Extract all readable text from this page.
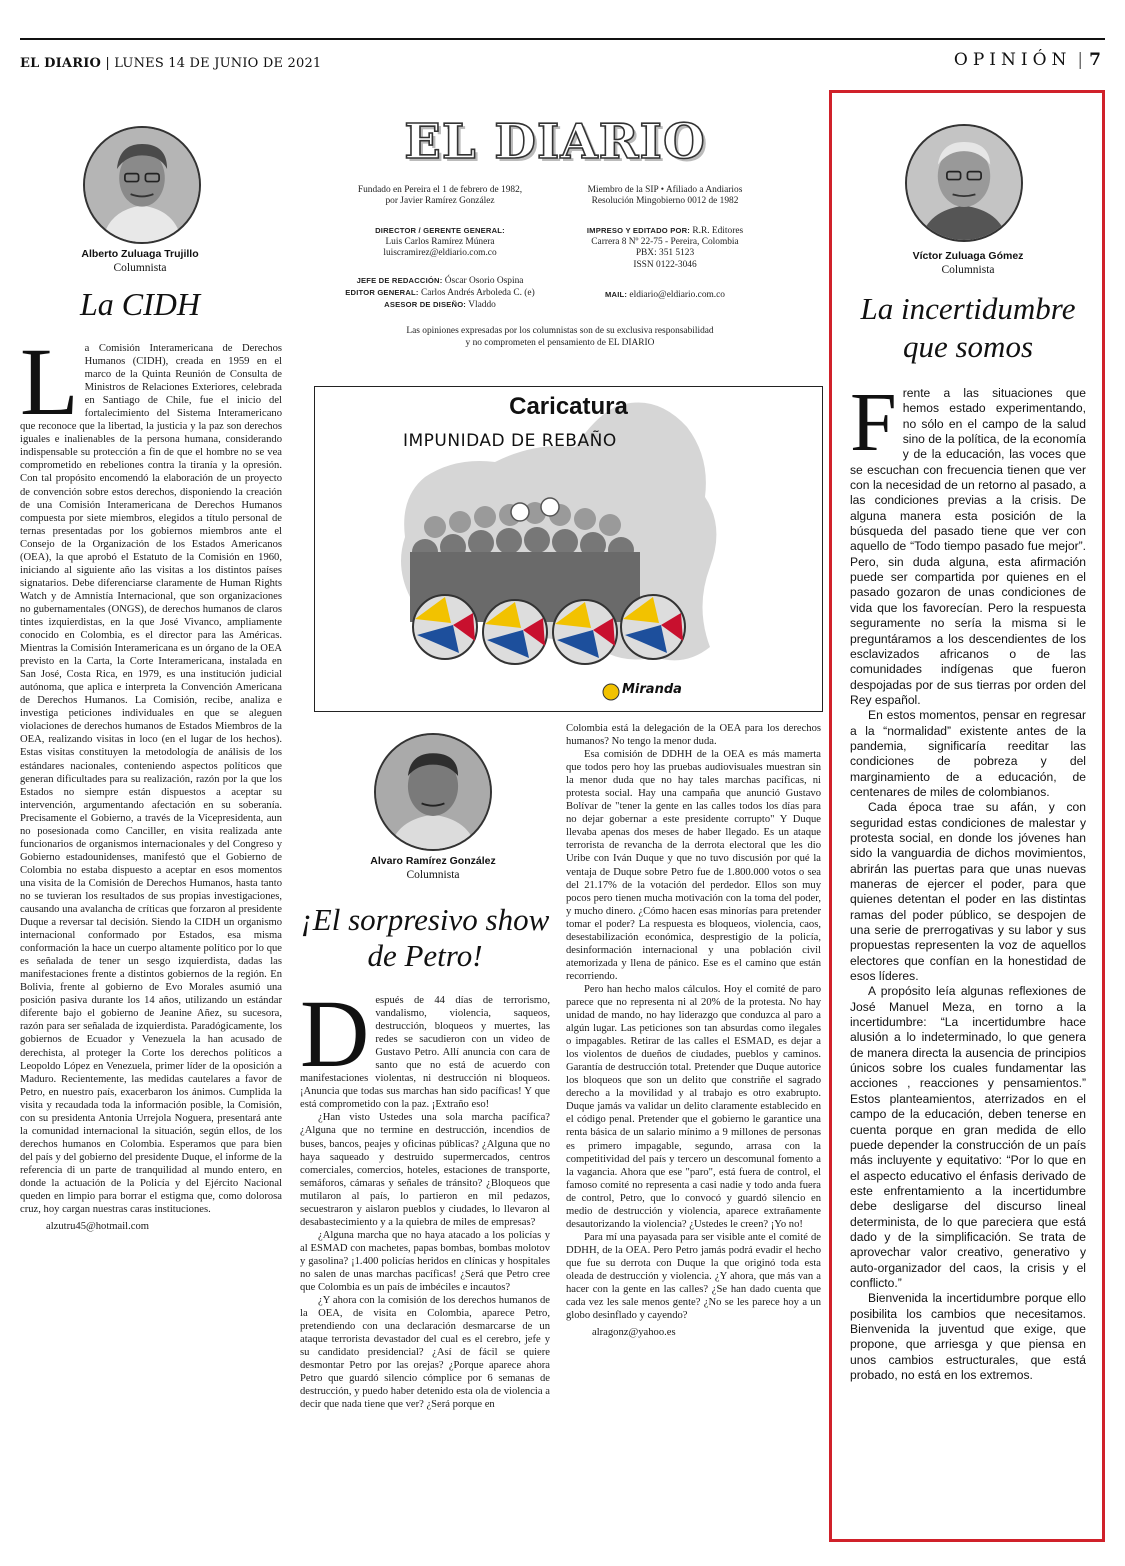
EL DIARIO | LUNES 14 DE JUNIO DE 2021	OPINIÓN | 7
Alberto Zuluaga Trujillo
Columnista
La CIDH
L a Comisión Interamericana de Derechos Humanos (CIDH), creada en 1959 en el marco de la Quinta Reunión de Consulta de Ministros de Relaciones Exteriores, celebrada en Santiago de Chile, fue el inicio del fortalecimiento del Sistema Interamericano que reconoce que la libertad, la justicia y la paz son derechos iguales e inalienables de la persona humana, considerando indispensable su protección a fin de que el hombre no se vea comprometido en rebeliones contra la tiranía y la opresión. Con tal propósito encomendó la elaboración de un proyecto de convención sobre estos derechos, disponiendo la creación de una Comisión Interamericana de Derechos Humanos compuesta por siete miembros, elegidos a título personal de ternas presentadas por los gobiernos miembros ante el Consejo de la Organización de los Estados Americanos (OEA), la que aprobó el Estatuto de la Comisión en 1960, iniciando al siguiente año las visitas a los distintos países signatarios. Debe diferenciarse claramente de Human Rights Watch y de Amnistía Internacional, que son organizaciones no gubernamentales (ONGS), de derechos humanos de claros tintes izquierdistas, en la que José Vivanco, ampliamente conocido en Colombia, es el director para las Américas. Mientras la Comisión Interamericana es un órgano de la OEA previsto en la Carta, la Corte Interamericana, instalada en San José, Costa Rica, en 1979, es una institución judicial autónoma, que aplica e interpreta la Convención Americana de Derechos Humanos. La Comisión, recibe, analiza e investiga peticiones individuales en que se aleguen violaciones de derechos humanos de Estados Miembros de la OEA, realizando visitas in loco (en el lugar de los hechos). Estas visitas constituyen la metodología de análisis de los estándares nacionales, conteniendo aspectos políticos que generan dificultades para su realización, razón por la que los Estados no siempre están dispuestos a aceptar su intervención, argumentando afectación en su soberanía. Precisamente el Gobierno, a través de la Vicepresidenta, aun no posesionada como Canciller, en visita realizada ante funcionarios de organismos internacionales y del Congreso y Gobierno estadounidenses, manifestó que el Gobierno de Colombia no estaba dispuesto a aceptar en esos momentos una visita de la Comisión de Derechos Humanos, hasta tanto no se tuvieran los resultados de sus propias investigaciones, causando una avalancha de críticas que forzaron al presidente Duque a reversar tal decisión. Siendo la CIDH un organismo internacional conformado por Estados, esa misma conformación la hace un cuerpo altamente político por lo que es señalada de tener un sesgo izquierdista, dadas las manifestaciones frente a distintos gobiernos de la región. En Bolivia, frente al gobierno de Evo Morales asumió una posición pasiva durante los 14 años, utilizando un estándar diferente bajo el gobierno de Jeanine Añez, su sucesora, razón para ser señalada de izquierdista. Paradógicamente, los gobiernos de Ecuador y Venezuela la han acusado de derechista, al proteger la Corte los derechos políticos a Leopoldo López en Venezuela, primer líder de la oposición a Maduro. Recientemente, las medidas cautelares a favor de Petro, en nuestro país, exacerbaron los ánimos. Cumplida la visita y recaudada toda la información posible, la Comisión, con su presidenta Antonia Urrejola Noguera, presentará ante la comunidad internacional la situación, según ellos, de los derechos humanos en Colombia. Esperamos que para bien del país y del gobierno del presidente Duque, el informe de la referencia di un parte de tranquilidad al mundo entero, en donde la actuación de la Policía y del Ejército Nacional queden en limpio para borrar el estigma que, como dolorosa cruz, hoy cargan nuestras caras instituciones.

alzutru45@hotmail.com

EL DIARIO
Fundado en Pereira el 1 de febrero de 1982,
por Javier Ramírez González
DIRECTOR / GERENTE GENERAL:
Luis Carlos Ramírez Múnera
luiscramirez@eldiario.com.co
JEFE DE REDACCIÓN: Óscar Osorio Ospina
EDITOR GENERAL: Carlos Andrés Arboleda C. (e)
ASESOR DE DISEÑO: Vladdo
Miembro de la SIP • Afiliado a Andiarios
Resolución Mingobierno 0012 de 1982
IMPRESO Y EDITADO POR: R.R. Editores
Carrera 8 Nº 22-75 - Pereira, Colombia
PBX: 351 5123
ISSN 0122-3046
MAIL: eldiario@eldiario.com.co
Las opiniones expresadas por los columnistas son de su exclusiva responsabilidad
y no comprometen el pensamiento de EL DIARIO
Caricatura
IMPUNIDAD DE REBAÑO
Miranda
Alvaro Ramírez González
Columnista
¡El sorpresivo show
de Petro!
D espués de 44 días de terrorismo, vandalismo, violencia, saqueos, destrucción, bloqueos y muertes, las redes se sacudieron con un video de Gustavo Petro. Allí anuncia con cara de santo que no está de acuerdo con manifestaciones violentas, ni destrucción ni bloqueos. ¡Anuncia que todas sus marchas han sido pacíficas! Y que está comprometido con la paz. ¡Extraño eso!

¿Han visto Ustedes una sola marcha pacífica? ¿Alguna que no termine en destrucción, incendios de buses, bancos, peajes y oficinas públicas? ¿Alguna que no haya saqueado y destruido supermercados, centros comerciales, comercios, hoteles, estaciones de transporte, semáforos, cámaras y señales de tránsito? ¿Bloqueos que mutilaron al país, lo partieron en mil pedazos, secuestraron y aislaron pueblos y ciudades, lo llevaron al desabastecimiento y a la quiebra de miles de empresas?

¿Alguna marcha que no haya atacado a los policías y al ESMAD con machetes, papas bombas, bombas molotov y gasolina? ¡1.400 policías heridos en clínicas y hospitales no salen de unas marchas pacíficas! ¿Será que Petro cree que Colombia es un país de imbéciles e incautos?

¿Y ahora con la comisión de los derechos humanos de la OEA, de visita en Colombia, aparece Petro, pretendiendo con una declaración desmarcarse de un ataque terrorista devastador del cual es el cerebro, jefe y su candidato presidencial? ¿Así de fácil se quiere desmontar Petro por las orejas? ¿Porque aparece ahora Petro que guardó silencio cómplice por 6 semanas de destrucción, y puedo haber detenido esta ola de violencia a decir que nada tiene que ver? ¿Será porque en

Colombia está la delegación de la OEA para los derechos humanos? No tengo la menor duda.

Esa comisión de DDHH de la OEA es más mamerta que todos pero hoy las pruebas audiovisuales muestran sin la menor duda que no hay tales marchas pacíficas, ni protesta social. Hay una campaña que anunció Gustavo Bolívar de "tener la gente en las calles todos los días para no dejar gobernar a este presidente corrupto" Y Duque llevaba apenas dos meses de haber llegado. Es un ataque terrorista de revancha de la derrota electoral que les dio Uribe con Iván Duque y que no tuvo discusión por qué la ventaja de Duque sobre Petro fue de 1.800.000 votos o sea del 21.17% de la votación del perdedor. Ellos son muy pocos pero tienen mucha motivación con la toma del poder, y mucho dinero. ¿Cómo hacen esas minorías para pretender tomar el poder? La respuesta es bloqueos, violencia, caos, desestabilización económica, desprestigio de la policía, desinformación internacional y una población civil atemorizada y llena de pánico. Ese es el camino que están recorriendo.

Pero han hecho malos cálculos. Hoy el comité de paro parece que no representa ni al 20% de la protesta. No hay unidad de mando, no hay liderazgo que conduzca al paro a algún lugar. Las peticiones son tan absurdas como ilegales o impagables. Retirar de las calles el ESMAD, es dejar a los violentos de dueños de ciudades, pueblos y caminos. Garantía de destrucción total. Pretender que Duque autorice los bloqueos que son un delito que constriñe el sagrado derecho a la movilidad y al trabajo es otro exabrupto. Duque jamás va validar un delito claramente establecido en el código penal. Pretender que el gobierno le garantice una renta básica de un salario mínimo a 9 millones de personas es primero impagable, segundo, arrasa con la competitividad del país y tercero un descomunal fomento a la vagancia. Ahora que ese "paro", está fuera de control, el famoso comité no representa a casi nadie y todo anda fuera de control, Petro, que lo convocó y guardó silencio en medio de destrucción y violencia, aparece extrañamente desautorizando la violencia? ¿Ustedes le creen? ¡Yo no!

Para mí una payasada para ser visible ante el comité de DDHH, de la OEA. Pero Petro jamás podrá evadir el hecho que fue su derrota con Duque la que originó toda esta oleada de destrucción y violencia. ¿Y ahora, que más van a hacer con la gente en las calles? ¿Se han dado cuenta que cada vez les sale menos gente? ¿No se les parece hoy a un globo desinflado y cayendo?

alragonz@yahoo.es

Víctor Zuluaga Gómez
Columnista
La incertidumbre
que somos
F rente a las situaciones que hemos estado experimentando, no sólo en el campo de la salud sino de la política, de la economía y de la educación, las voces que se escuchan con frecuencia tienen que ver con la necesidad de un retorno al pasado, a las condiciones previas a la crisis. De alguna manera esta posición de la búsqueda del pasado tiene que ver con aquello de “Todo tiempo pasado fue mejor”. Pero, sin duda alguna, esta afirmación puede ser compartida por quienes en el pasado gozaron de unas condiciones de vida que los favorecían. Pero la respuesta seguramente no sería la misma si le preguntáramos a los descendientes de los esclavizados africanos o de las comunidades indígenas que fueron despojadas por de sus tierras por orden del Rey español.

En estos momentos, pensar en regresar a la “normalidad” existente antes de la pandemia, significaría reeditar las condiciones de pobreza y del marginamiento de a educación, de centenares de miles de colombianos.

Cada época trae su afán, y con seguridad estas condiciones de malestar y protesta social, en donde los jóvenes han sido la vanguardia de dichos movimientos, abrirán las puertas para que unas nuevas maneras de ejercer el poder, para que quienes detentan el poder en las distintas ramas del poder público, se despojen de una serie de prerrogativas y su labor y sus propuestas representen la voz de aquellos electores que confían en la honestidad de esos líderes.

A propósito leía algunas reflexiones de José Manuel Meza, en torno a la incertidumbre: “La incertidumbre hace alusión a lo indeterminado, lo que genera de manera directa la ausencia de principios únicos sobre los cuales fundamentar las acciones , reacciones y pensamientos.” Estos planteamientos, aterrizados en el campo de la educación, deben tenerse en cuenta porque en gran medida de ello puede depender la construcción de un país más incluyente y equitativo: “Por lo que en el aspecto educativo el énfasis derivado de este enfrentamiento a la incertidumbre debe desligarse del discurso lineal determinista, de lo que pareciera que está dado y de la simplificación. Se trata de aprovechar valor creativo, generativo y auto-organizador del caos, la crisis y el conflicto.”

Bienvenida la incertidumbre porque ello posibilita los cambios que necesitamos. Bienvenida la juventud que exige, que propone, que arriesga y que piensa en unos cambios estructurales, que está probado, no está en los extremos.
